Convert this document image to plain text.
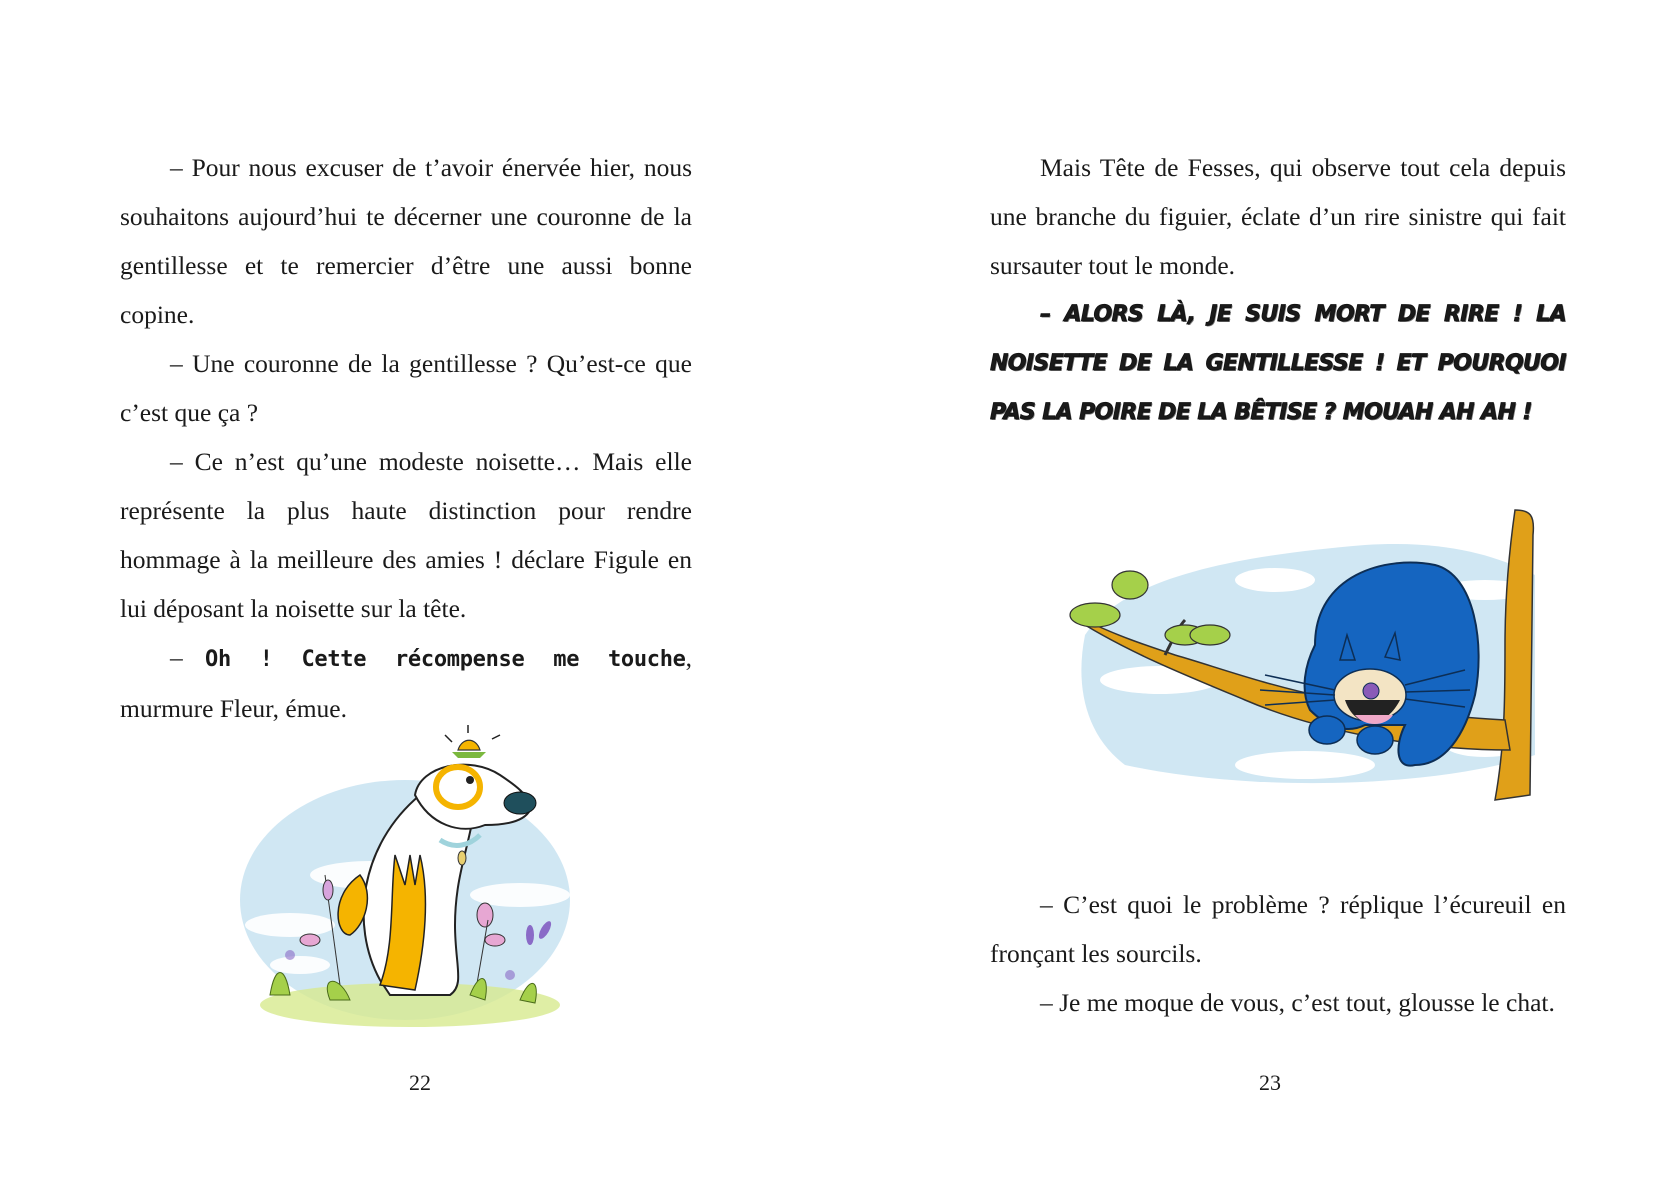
– Pour nous excuser de t’avoir énervée hier, nous souhaitons aujourd’hui te décerner une couronne de la gentillesse et te remercier d’être une aussi bonne copine.

– Une couronne de la gentillesse ? Qu’est-ce que c’est que ça ?

– Ce n’est qu’une modeste noisette… Mais elle représente la plus haute distinction pour rendre hommage à la meilleure des amies ! déclare Figule en lui déposant la noisette sur la tête.

– Oh ! Cette récompense me touche, murmure Fleur, émue.

22

Mais Tête de Fesses, qui observe tout cela depuis une branche du figuier, éclate d’un rire sinistre qui fait sursauter tout le monde.

– ALORS LÀ, JE SUIS MORT DE RIRE ! LA NOISETTE DE LA GENTILLESSE ! ET POURQUOI PAS LA POIRE DE LA BÊTISE ? MOUAH AH AH !

– C’est quoi le problème ? réplique l’écureuil en fronçant les sourcils.

– Je me moque de vous, c’est tout, glousse le chat.

23
